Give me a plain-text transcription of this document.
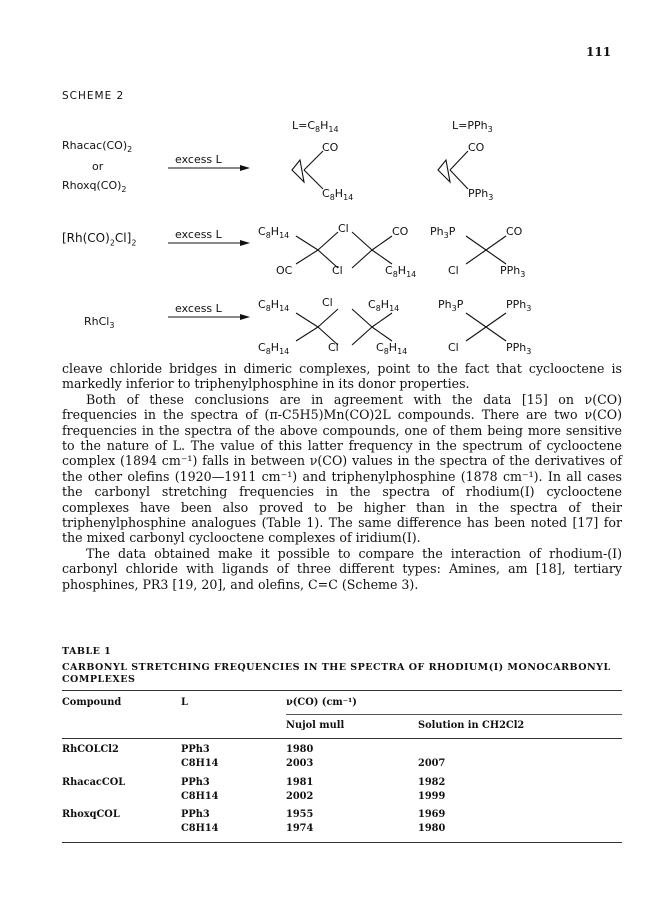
111
SCHEME 2
$L=C_8H_{14}$	L=PPh$_3$
$Rhacac(CO)_2$
or
$Rhoxq(CO)_2$
excess L
CO
$C_8H_{14}$
CO
PPh$_3$
$[Rh(CO)_2Cl]_2$
excess L	$C_8H_{14}$
Cl	CO
OC	Cl	$C_8H_{14}$
$Ph_3P$	CO
Cl	PPh$_3$
RhCl$_3$
excess L	$C_8H_{14}$	Cl	$C_8H_{14}$
$C_8H_{14}$	Cl	$C_8H_{14}$
$Ph_3P$	PPh$_3$
Cl	PPh$_3$

cleave chloride bridges in dimeric complexes, point to the fact that cyclooctene is markedly inferior to triphenylphosphine in its donor properties.

Both of these conclusions are in agreement with the data [15] on ν(CO) frequencies in the spectra of (π-C5H5)Mn(CO)2L compounds. There are two ν(CO) frequencies in the spectra of the above compounds, one of them being more sensitive to the nature of L. The value of this latter frequency in the spectrum of cyclooctene complex (1894 cm⁻¹) falls in between ν(CO) values in the spectra of the derivatives of the other olefins (1920—1911 cm⁻¹) and triphenylphosphine (1878 cm⁻¹). In all cases the carbonyl stretching frequencies in the spectra of rhodium(I) cyclooctene complexes have been also proved to be higher than in the spectra of their triphenylphosphine analogues (Table 1). The same difference has been noted [17] for the mixed carbonyl cyclooctene complexes of iridium(I).

The data obtained make it possible to compare the interaction of rhodium-(I) carbonyl chloride with ligands of three different types: Amines, am [18], tertiary phosphines, PR3 [19, 20], and olefins, C=C (Scheme 3).

TABLE 1
CARBONYL STRETCHING FREQUENCIES IN THE SPECTRA OF RHODIUM(I) MONOCARBONYL COMPLEXES
Compound	L	ν(CO) (cm⁻¹)
Nujol mull	Solution in CH2Cl2
RhCOLCl2	PPh3	1980
C8H14	2003	2007
RhacacCOL	PPh3	1981	1982
C8H14	2002	1999
RhoxqCOL	PPh3	1955	1969
C8H14	1974	1980
